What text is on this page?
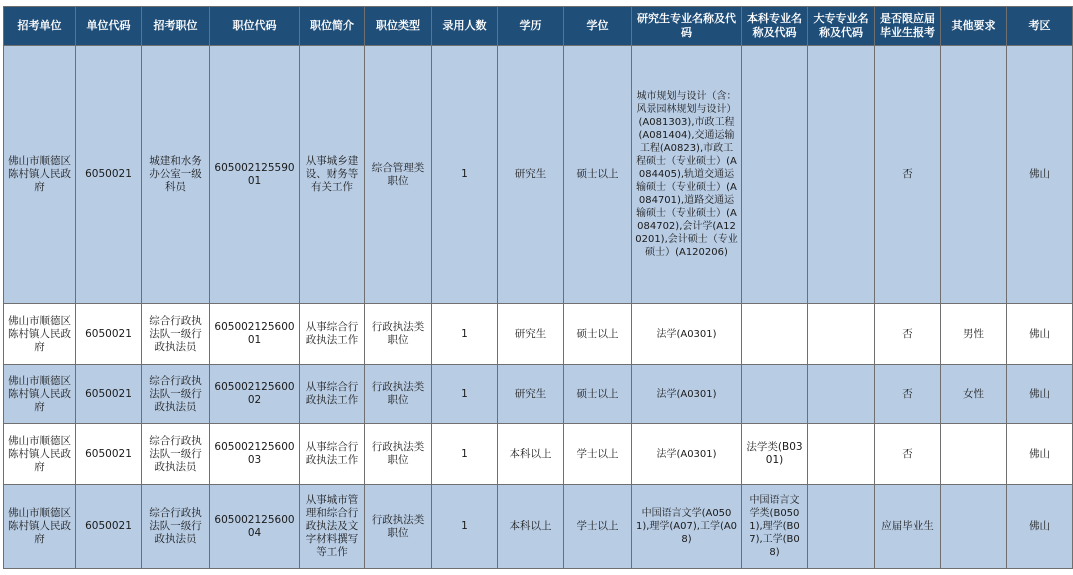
招考单位	单位代码	招考职位	职位代码	职位简介	职位类型	录用人数	学历	学位	研究生专业名称及代码	本科专业名称及代码	大专专业名称及代码	是否限应届毕业生报考	其他要求	考区
佛山市顺德区陈村镇人民政府	6050021	城建和水务办公室一级科员	60500212559001	从事城乡建设、财务等有关工作	综合管理类职位	1	研究生	硕士以上	城市规划与设计（含：风景园林规划与设计）(A081303),市政工程(A081404),交通运输工程(A0823),市政工程硕士（专业硕士）(A084405),轨道交通运输硕士（专业硕士）(A084701),道路交通运输硕士（专业硕士）(A084702),会计学(A120201),会计硕士（专业硕士）(A120206)			否		佛山
佛山市顺德区陈村镇人民政府	6050021	综合行政执法队一级行政执法员	60500212560001	从事综合行政执法工作	行政执法类职位	1	研究生	硕士以上	法学(A0301)			否	男性	佛山
佛山市顺德区陈村镇人民政府	6050021	综合行政执法队一级行政执法员	60500212560002	从事综合行政执法工作	行政执法类职位	1	研究生	硕士以上	法学(A0301)			否	女性	佛山
佛山市顺德区陈村镇人民政府	6050021	综合行政执法队一级行政执法员	60500212560003	从事综合行政执法工作	行政执法类职位	1	本科以上	学士以上	法学(A0301)	法学类(B0301)		否		佛山
佛山市顺德区陈村镇人民政府	6050021	综合行政执法队一级行政执法员	60500212560004	从事城市管理和综合行政执法及文字材料撰写等工作	行政执法类职位	1	本科以上	学士以上	中国语言文学(A0501),理学(A07),工学(A08)	中国语言文学类(B0501),理学(B07),工学(B08)		应届毕业生		佛山
